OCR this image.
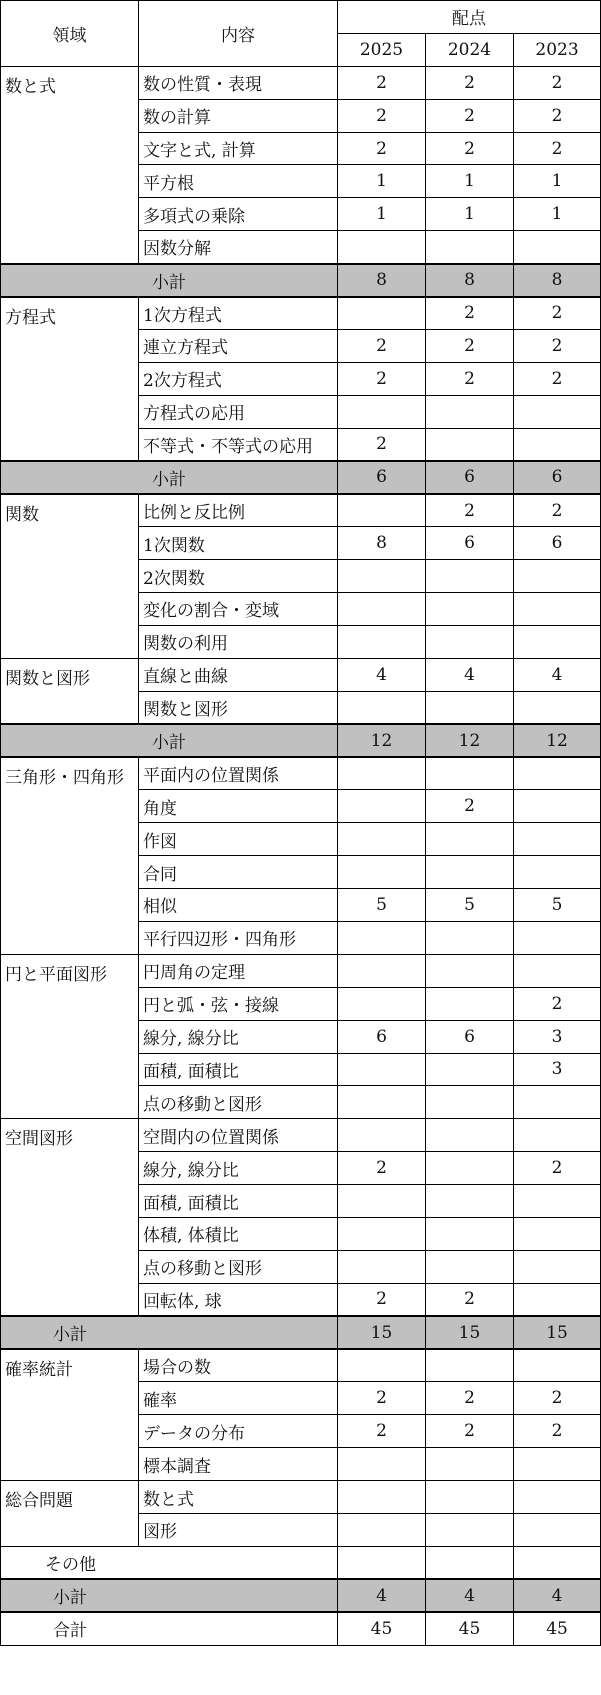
領域	内容	配点		
		2025	2024	2023
数と式	数の性質・表現	2	2	2
	数の計算	2	2	2
	文字と式, 計算	2	2	2
	平方根	1	1	1
	多項式の乗除	1	1	1
	因数分解			
小計		8	8	8
方程式	1次方程式		2	2
	連立方程式	2	2	2
	2次方程式	2	2	2
	方程式の応用			
	不等式・不等式の応用	2		
小計		6	6	6
関数	比例と反比例		2	2
	1次関数	8	6	6
	2次関数			
	変化の割合・変域			
	関数の利用			
関数と図形	直線と曲線	4	4	4
	関数と図形			
小計		12	12	12
三角形・四角形	平面内の位置関係			
	角度		2	
	作図			
	合同			
	相似	5	5	5
	平行四辺形・四角形			
円と平面図形	円周角の定理			
	円と弧・弦・接線			2
	線分, 線分比	6	6	3
	面積, 面積比			3
	点の移動と図形			
空間図形	空間内の位置関係			
	線分, 線分比	2		2
	面積, 面積比			
	体積, 体積比			
	点の移動と図形			
	回転体, 球	2	2	
小計		15	15	15
確率統計	場合の数			
	確率	2	2	2
	データの分布	2	2	2
	標本調査			
総合問題	数と式			
	図形			
その他				
小計		4	4	4
合計		45	45	45
